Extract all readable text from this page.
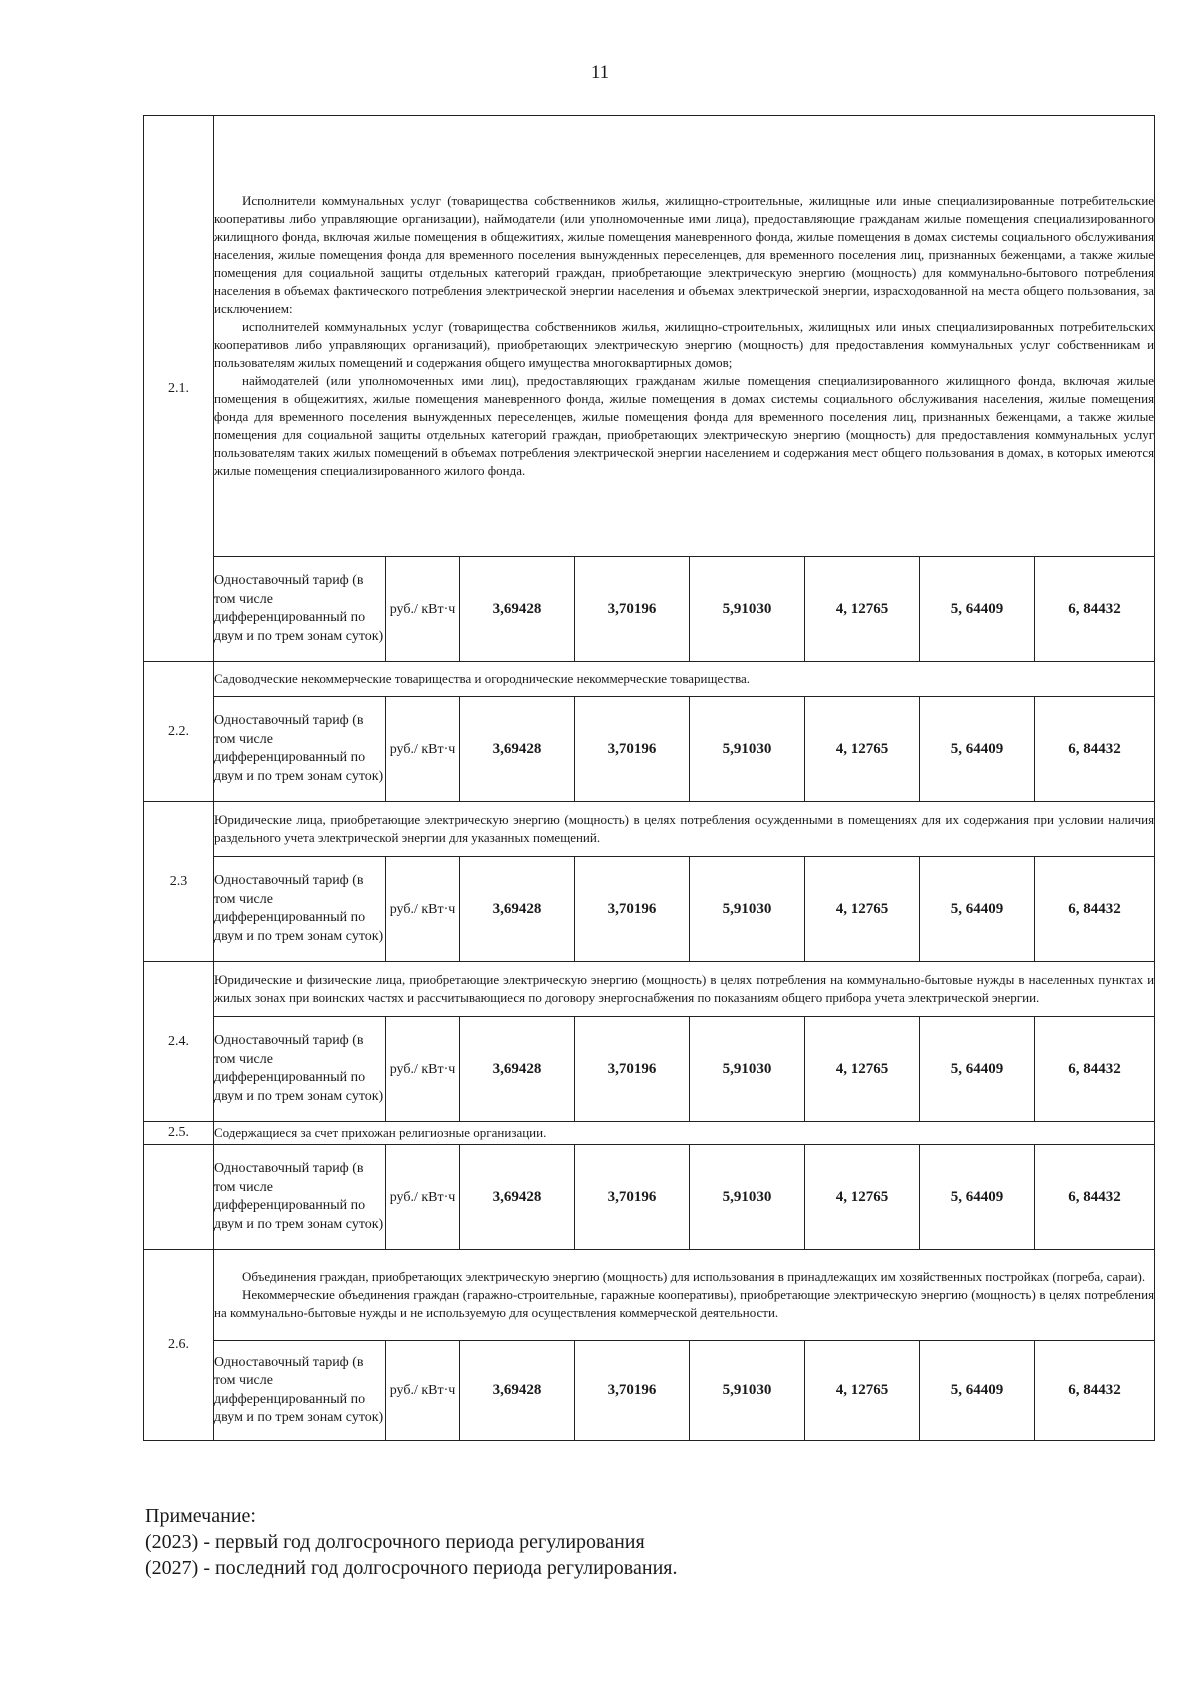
11
2.1.	Исполнители коммунальных услуг (товарищества собственников жилья, жилищно-строительные, жилищные или иные специализированные потребительские кооперативы либо управляющие организации), наймодатели (или уполномоченные ими лица), предоставляющие гражданам жилые помещения специализированного жилищного фонда, включая жилые помещения в общежитиях, жилые помещения маневренного фонда, жилые помещения в домах системы социального обслуживания населения, жилые помещения фонда для временного поселения вынужденных переселенцев, для временного поселения лиц, признанных беженцами, а также жилые помещения для социальной защиты отдельных категорий граждан, приобретающие электрическую энергию (мощность) для коммунально-бытового потребления населения в объемах фактического потребления электрической энергии населения и объемах электрической энергии, израсходованной на места общего пользования, за исключением:

исполнителей коммунальных услуг (товарищества собственников жилья, жилищно-строительных, жилищных или иных специализированных потребительских кооперативов либо управляющих организаций), приобретающих электрическую энергию (мощность) для предоставления коммунальных услуг собственникам и пользователям жилых помещений и содержания общего имущества многоквартирных домов;

наймодателей (или уполномоченных ими лиц), предоставляющих гражданам жилые помещения специализированного жилищного фонда, включая жилые помещения в общежитиях, жилые помещения маневренного фонда, жилые помещения в домах системы социального обслуживания населения, жилые помещения фонда для временного поселения вынужденных переселенцев, жилые помещения фонда для временного поселения лиц, признанных беженцами, а также жилые помещения для социальной защиты отдельных категорий граждан, приобретающих электрическую энергию (мощность) для предоставления коммунальных услуг пользователям таких жилых помещений в объемах потребления электрической энергии населением и содержания мест общего пользования в домах, в которых имеются жилые помещения специализированного жилого фонда.							

	Одноставочный тариф (в том числе дифференцированный по двум и по трем зонам суток)	руб./ кВт·ч	3,69428	3,70196	5,91030	4, 12765	5, 64409	6, 84432
2.2.	Садоводческие некоммерческие товарищества и огороднические некоммерческие товарищества.							

	Одноставочный тариф (в том числе дифференцированный по двум и по трем зонам суток)	руб./ кВт·ч	3,69428	3,70196	5,91030	4, 12765	5, 64409	6, 84432
2.3	Юридические лица, приобретающие электрическую энергию (мощность) в целях потребления осужденными в помещениях для их содержания при условии наличия раздельного учета электрической энергии для указанных помещений.							

	Одноставочный тариф (в том числе дифференцированный по двум и по трем зонам суток)	руб./ кВт·ч	3,69428	3,70196	5,91030	4, 12765	5, 64409	6, 84432
2.4.	Юридические и физические лица, приобретающие электрическую энергию (мощность) в целях потребления на коммунально-бытовые нужды в населенных пунктах и жилых зонах при воинских частях и рассчитывающиеся по договору энергоснабжения по показаниям общего прибора учета электрической энергии.							

	Одноставочный тариф (в том числе дифференцированный по двум и по трем зонам суток)	руб./ кВт·ч	3,69428	3,70196	5,91030	4, 12765	5, 64409	6, 84432
2.5.	Содержащиеся за счет прихожан религиозные организации.							

	Одноставочный тариф (в том числе дифференцированный по двум и по трем зонам суток)	руб./ кВт·ч	3,69428	3,70196	5,91030	4, 12765	5, 64409	6, 84432
2.6.	Объединения граждан, приобретающих электрическую энергию (мощность) для использования в принадлежащих им хозяйственных постройках (погреба, сараи).

Некоммерческие объединения граждан (гаражно-строительные, гаражные кооперативы), приобретающие электрическую энергию (мощность) в целях потребления на коммунально-бытовые нужды и не используемую для осуществления коммерческой деятельности.							

	Одноставочный тариф (в том числе дифференцированный по двум и по трем зонам суток)	руб./ кВт·ч	3,69428	3,70196	5,91030	4, 12765	5, 64409	6, 84432
Примечание:
(2023) - первый год долгосрочного периода регулирования
(2027) - последний год долгосрочного периода регулирования.
